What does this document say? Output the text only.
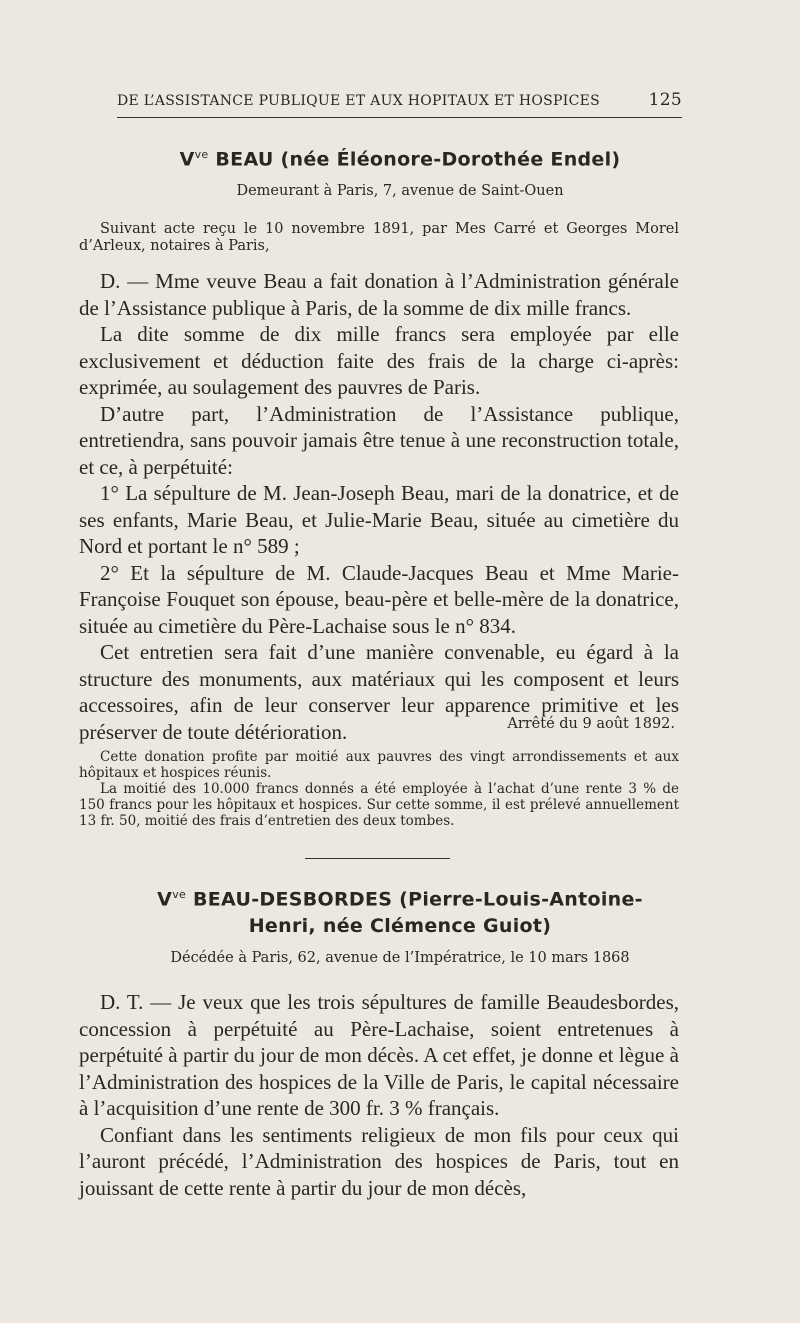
DE L’ASSISTANCE PUBLIQUE ET AUX HOPITAUX ET HOSPICES	125
$V^{ve}$ BEAU (née Éléonore-Dorothée Endel)
Demeurant à Paris, 7, avenue de Saint-Ouen

Suivant acte reçu le 10 novembre 1891, par Mes Carré et Georges Morel d’Arleux, notaires à Paris,

D. — Mme veuve Beau a fait donation à l’Administration générale de l’Assistance publique à Paris, de la somme de dix mille francs.

La dite somme de dix mille francs sera employée par elle exclusivement et déduction faite des frais de la charge ci-après: exprimée, au soulagement des pauvres de Paris.

D’autre part, l’Administration de l’Assistance publique, entretiendra, sans pouvoir jamais être tenue à une reconstruction totale, et ce, à perpétuité:

1° La sépulture de M. Jean-Joseph Beau, mari de la donatrice, et de ses enfants, Marie Beau, et Julie-Marie Beau, située au cimetière du Nord et portant le n° 589 ;

2° Et la sépulture de M. Claude-Jacques Beau et Mme Marie-Françoise Fouquet son épouse, beau-père et belle-mère de la donatrice, située au cimetière du Père-Lachaise sous le n° 834.

Cet entretien sera fait d’une manière convenable, eu égard à la structure des monuments, aux matériaux qui les composent et leurs accessoires, afin de leur conserver leur apparence primitive et les préserver de toute détérioration.	Arrêté du 9 août 1892.

Cette donation profite par moitié aux pauvres des vingt arrondissements et aux hôpitaux et hospices réunis.

La moitié des 10.000 francs donnés a été employée à l’achat d’une rente 3 % de 150 francs pour les hôpitaux et hospices. Sur cette somme, il est prélevé annuellement 13 fr. 50, moitié des frais d’entretien des deux tombes.

$V^{ve}$ BEAU-DESBORDES (Pierre-Louis-Antoine-
Henri, née Clémence Guiot)
Décédée à Paris, 62, avenue de l’Impératrice, le 10 mars 1868

D. T. — Je veux que les trois sépultures de famille Beaudesbordes, concession à perpétuité au Père-Lachaise, soient entretenues à perpétuité à partir du jour de mon décès. A cet effet, je donne et lègue à l’Administration des hospices de la Ville de Paris, le capital nécessaire à l’acquisition d’une rente de 300 fr. 3 % français.

Confiant dans les sentiments religieux de mon fils pour ceux qui l’auront précédé, l’Administration des hospices de Paris, tout en jouissant de cette rente à partir du jour de mon décès,
